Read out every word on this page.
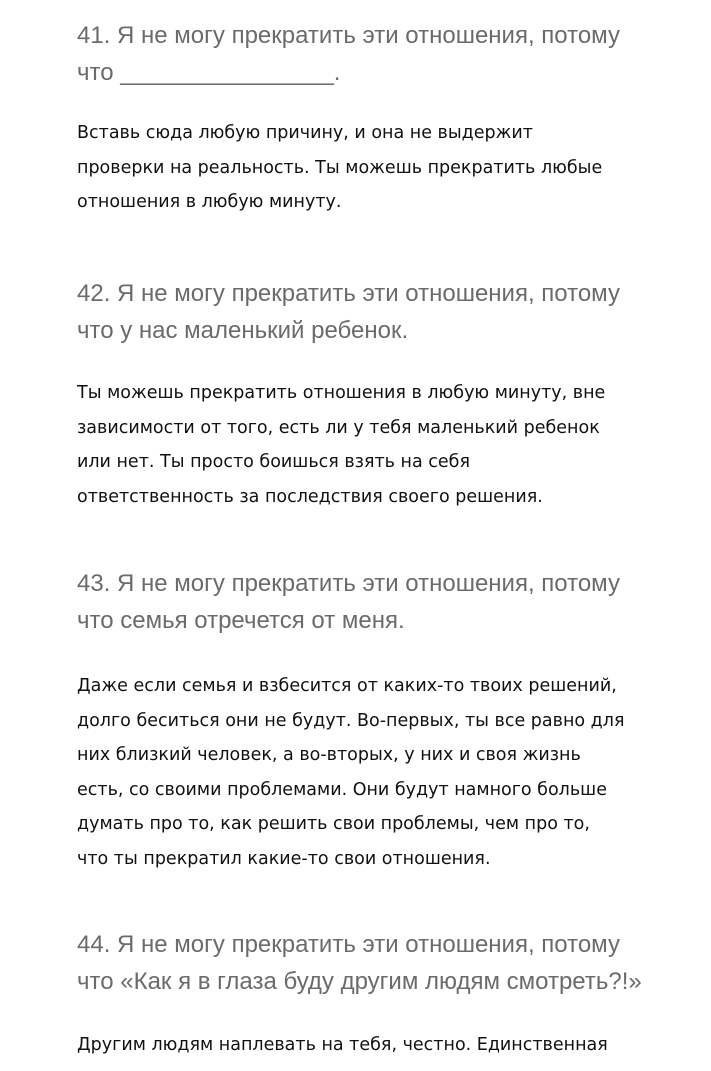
41. Я не могу прекратить эти отношения, потому
что ________________.

Вставь сюда любую причину, и она не выдержит
проверки на реальность. Ты можешь прекратить любые
отношения в любую минуту.

42. Я не могу прекратить эти отношения, потому
что у нас маленький ребенок.

Ты можешь прекратить отношения в любую минуту, вне
зависимости от того, есть ли у тебя маленький ребенок
или нет. Ты просто боишься взять на себя
ответственность за последствия своего решения.

43. Я не могу прекратить эти отношения, потому
что семья отречется от меня.

Даже если семья и взбесится от каких-то твоих решений,
долго беситься они не будут. Во-первых, ты все равно для
них близкий человек, а во-вторых, у них и своя жизнь
есть, со своими проблемами. Они будут намного больше
думать про то, как решить свои проблемы, чем про то,
что ты прекратил какие-то свои отношения.

44. Я не могу прекратить эти отношения, потому
что «Как я в глаза буду другим людям смотреть?!»

Другим людям наплевать на тебя, честно. Единственная
